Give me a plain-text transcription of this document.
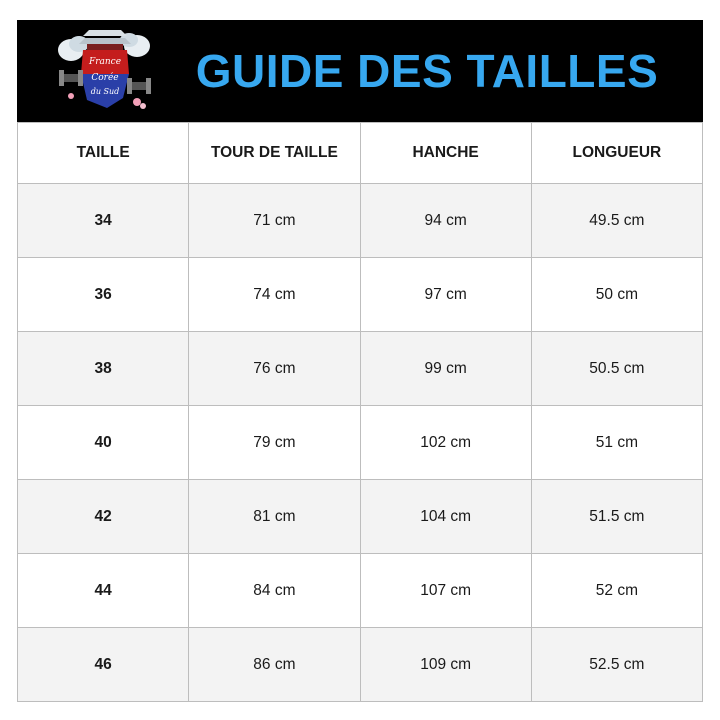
France
Corée
du Sud	GUIDE DES TAILLES
TAILLE	TOUR DE TAILLE	HANCHE	LONGUEUR
34	71 cm	94 cm	49.5 cm
36	74 cm	97 cm	50 cm
38	76 cm	99 cm	50.5 cm
40	79 cm	102 cm	51 cm
42	81 cm	104 cm	51.5 cm
44	84 cm	107 cm	52 cm
46	86 cm	109 cm	52.5 cm
